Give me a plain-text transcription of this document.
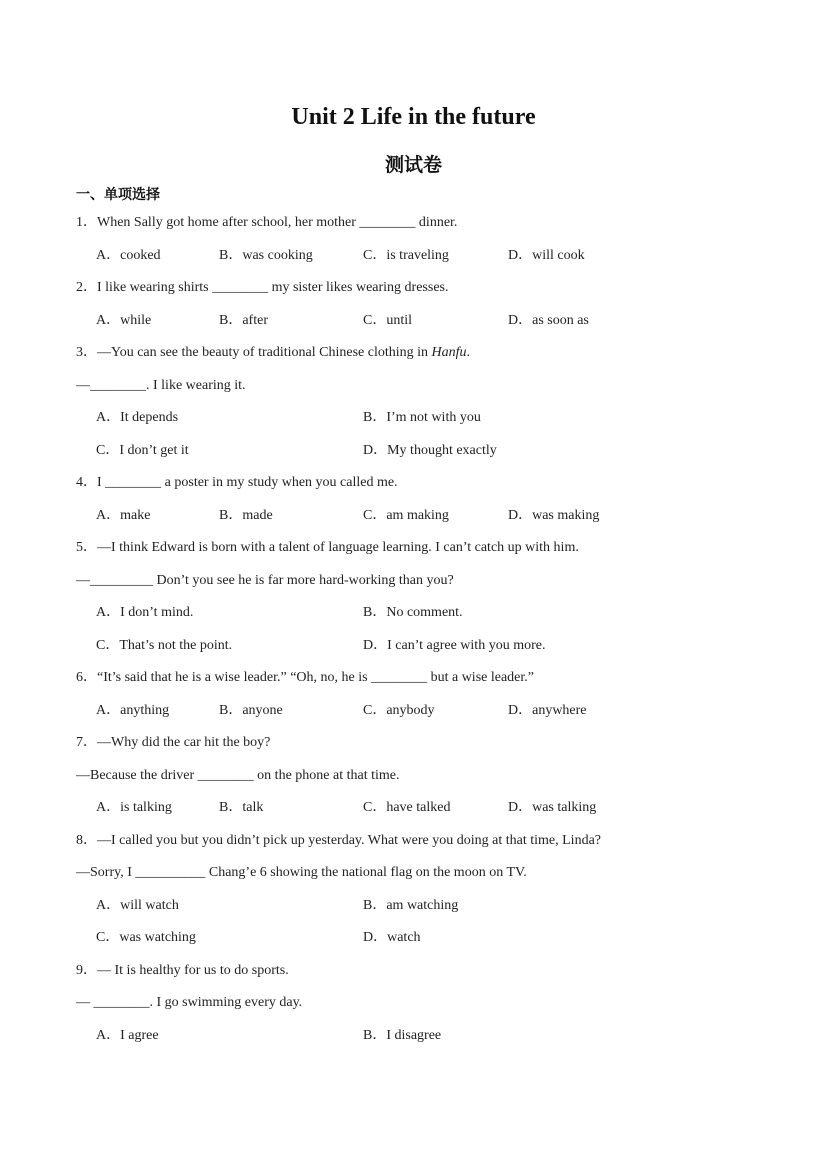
Unit 2 Life in the future
测试卷
一、单项选择
1．When Sally got home after school, her mother ________ dinner.
A．cooked	B．was cooking	C．is traveling	D．will cook
2．I like wearing shirts ________ my sister likes wearing dresses.
A．while	B．after	C．until	D．as soon as
3．—You can see the beauty of traditional Chinese clothing in Hanfu.
—________. I like wearing it.
A．It depends	B．I’m not with you
C．I don’t get it	D．My thought exactly
4．I ________ a poster in my study when you called me.
A．make	B．made	C．am making	D．was making
5．—I think Edward is born with a talent of language learning. I can’t catch up with him.
—_________ Don’t you see he is far more hard-working than you?
A．I don’t mind.	B．No comment.
C．That’s not the point.	D．I can’t agree with you more.
6．“It’s said that he is a wise leader.” “Oh, no, he is ________ but a wise leader.”
A．anything	B．anyone	C．anybody	D．anywhere
7．—Why did the car hit the boy?
—Because the driver ________ on the phone at that time.
A．is talking	B．talk	C．have talked	D．was talking
8．—I called you but you didn’t pick up yesterday. What were you doing at that time, Linda?
—Sorry, I __________ Chang’e 6 showing the national flag on the moon on TV.
A．will watch	B．am watching
C．was watching	D．watch
9．— It is healthy for us to do sports.
— ________. I go swimming every day.
A．I agree	B．I disagree
